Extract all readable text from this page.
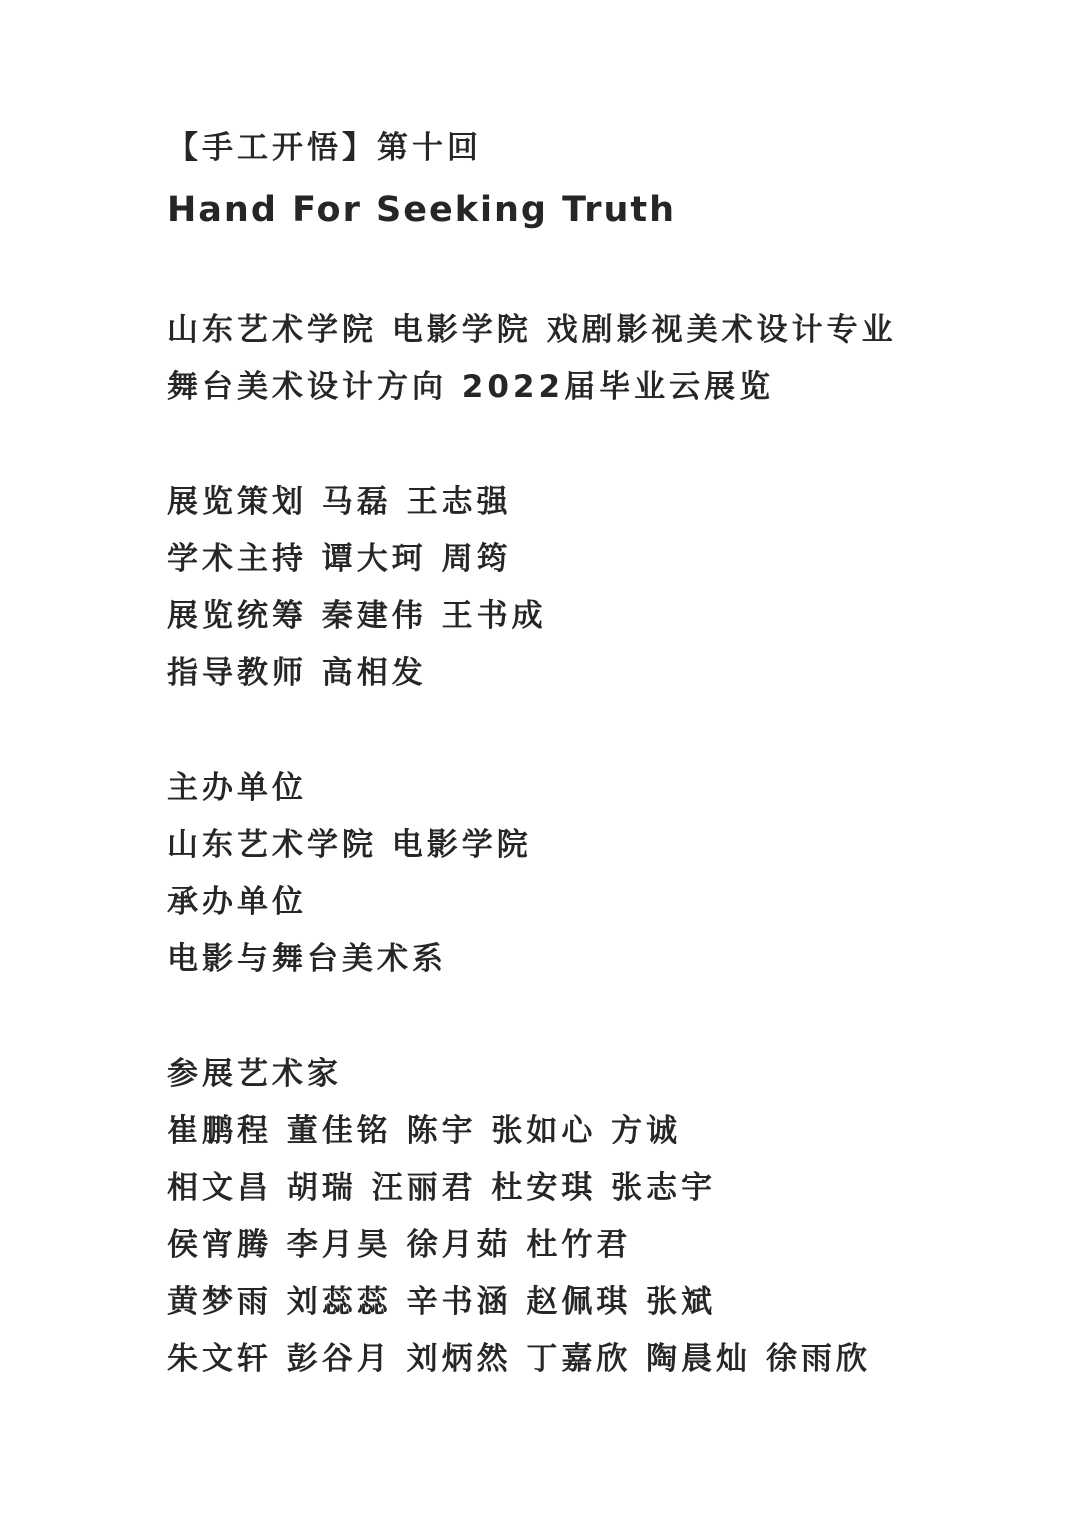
【手工开悟】第十回
Hand For Seeking Truth
山东艺术学院 电影学院 戏剧影视美术设计专业
舞台美术设计方向 2022届毕业云展览
展览策划 马磊 王志强
学术主持 谭大珂 周筠
展览统筹 秦建伟 王书成
指导教师 高相发
主办单位
山东艺术学院 电影学院
承办单位
电影与舞台美术系
参展艺术家
崔鹏程 董佳铭 陈宇 张如心 方诚
相文昌 胡瑞 汪丽君 杜安琪 张志宇
侯宵腾 李月昊 徐月茹 杜竹君
黄梦雨 刘蕊蕊 辛书涵 赵佩琪 张斌
朱文轩 彭谷月 刘炳然 丁嘉欣 陶晨灿 徐雨欣
